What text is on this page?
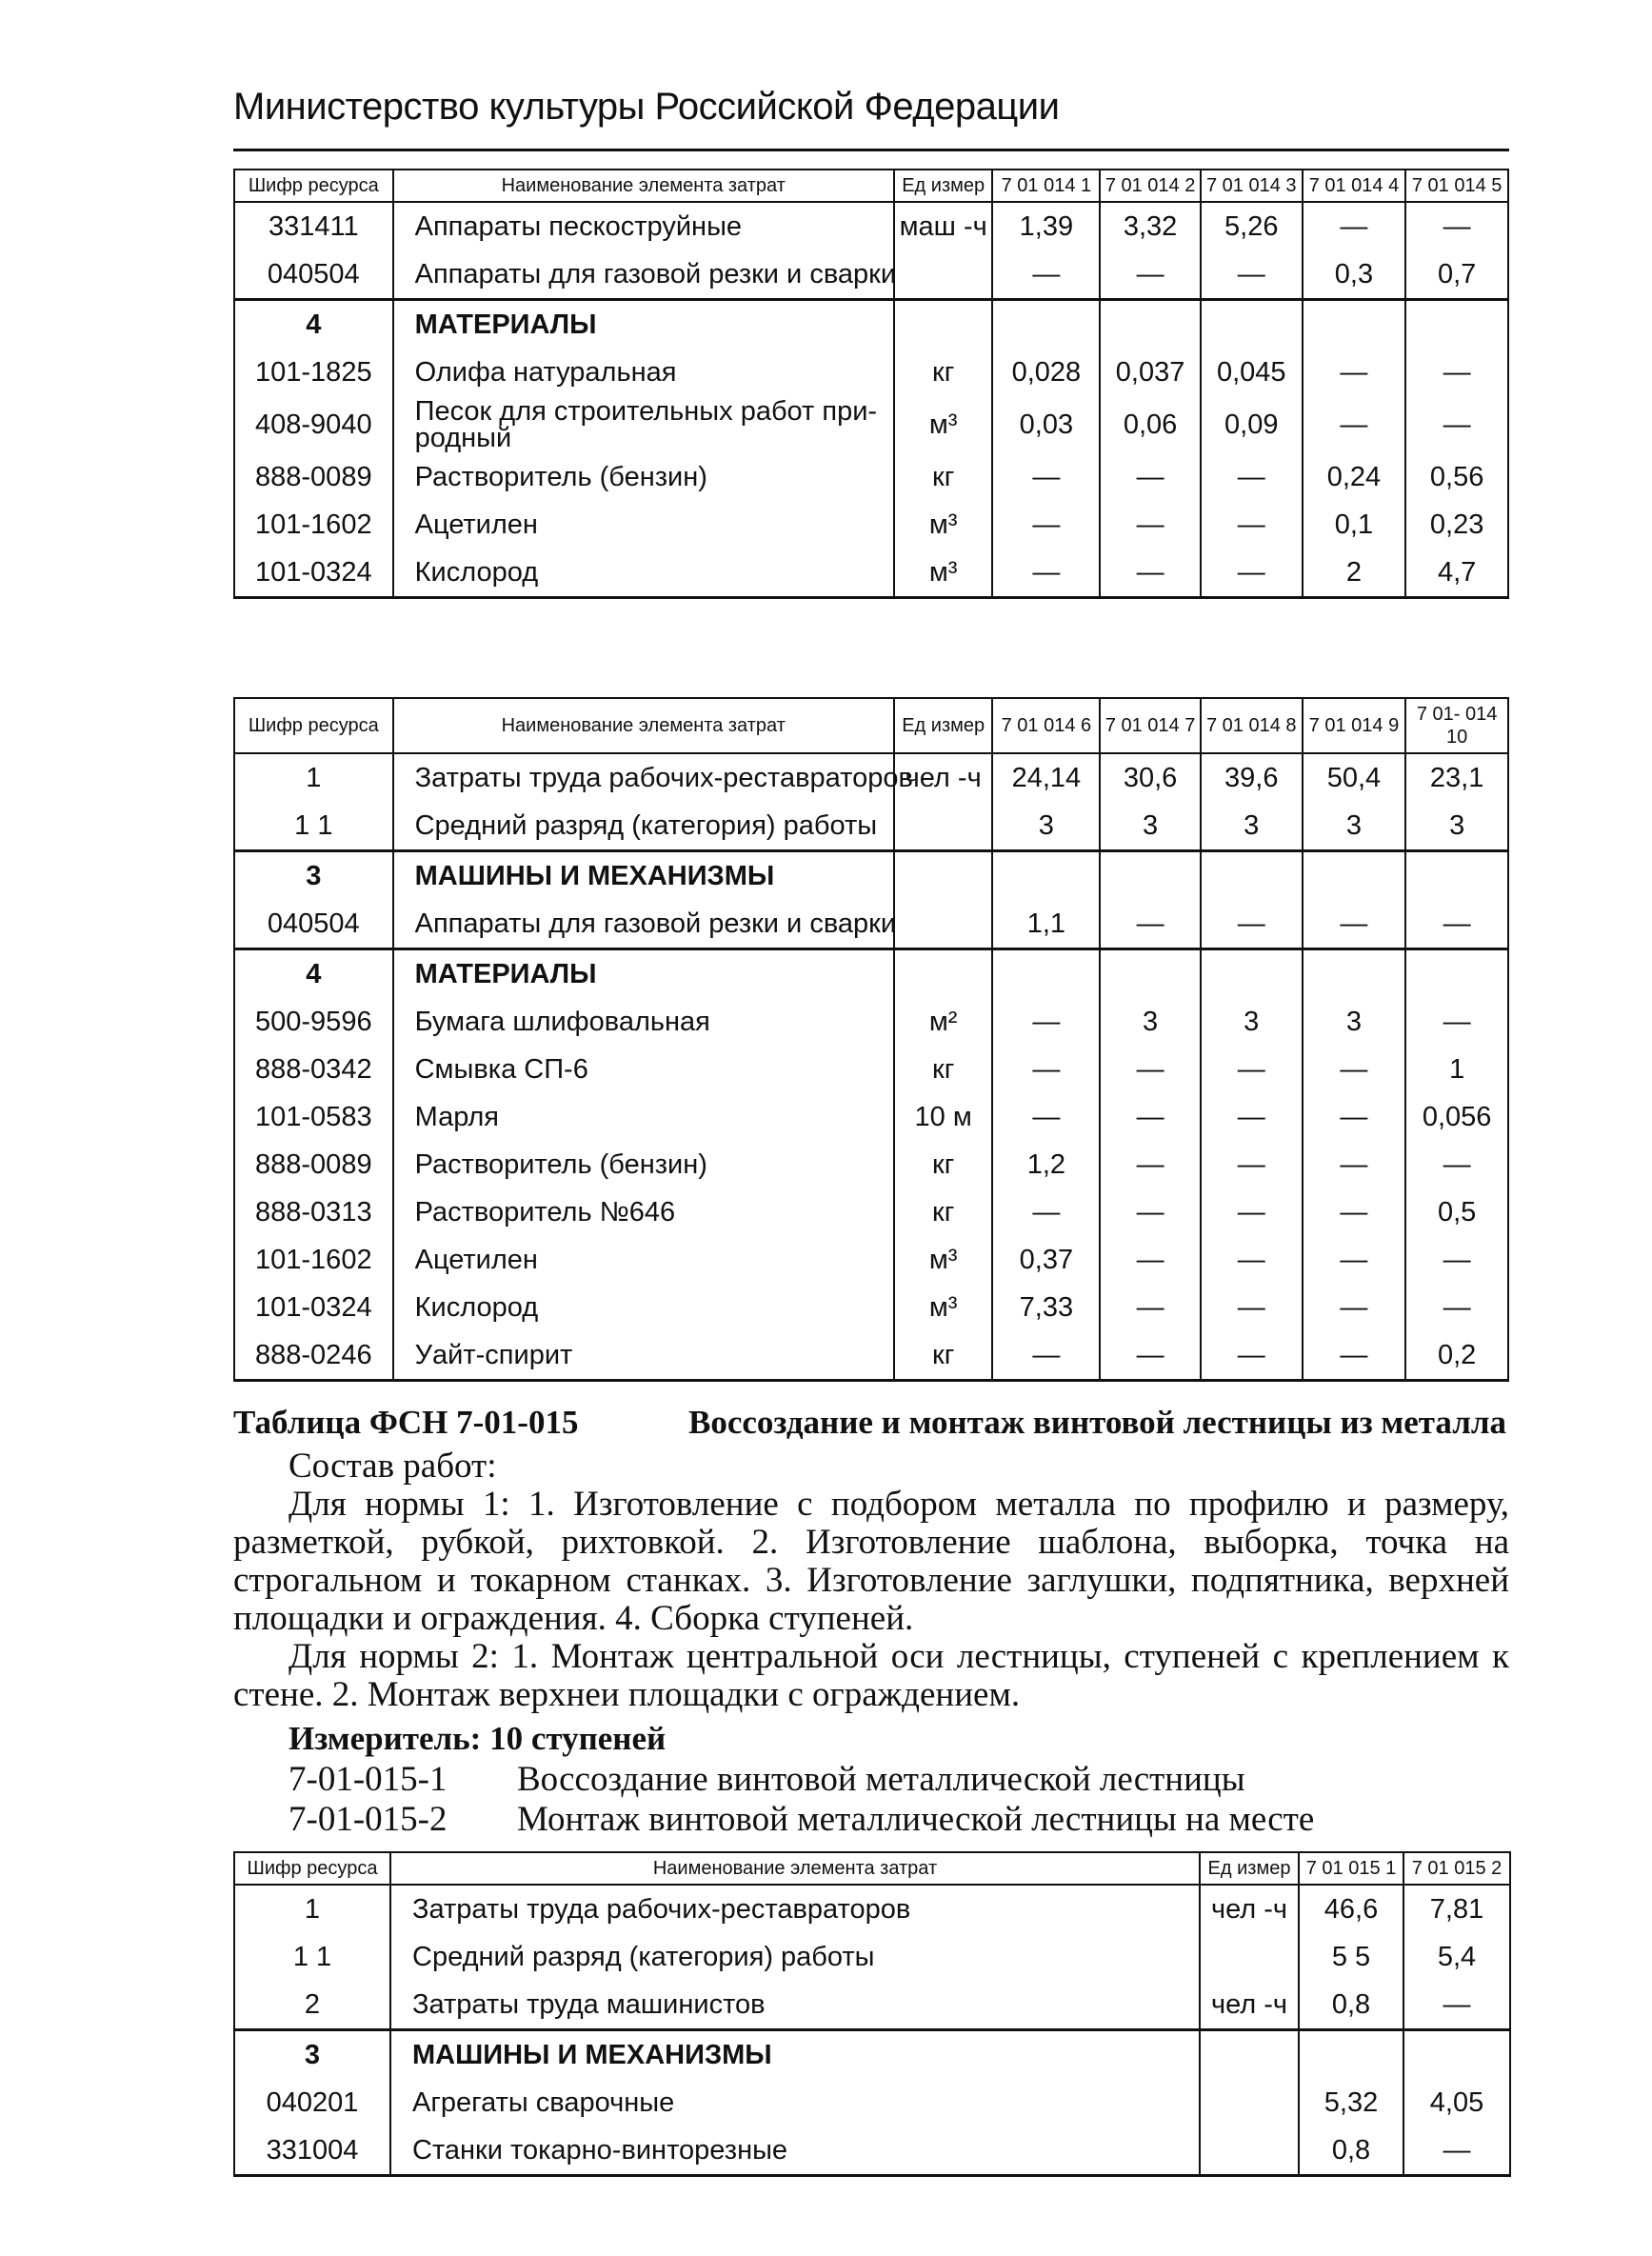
Министерство культуры Российской Федерации
Шифр ресурса	Наименование элемента затрат	Ед измер	7 01 014 1	7 01 014 2	7 01 014 3	7 01 014 4	7 01 014 5
331411	Аппараты пескоструйные	маш -ч	1,39	3,32	5,26	—	—
040504	Аппараты для газовой резки и сварки		—	—	—	0,3	0,7
4	МАТЕРИАЛЫ						
101-1825	Олифа натуральная	кг	0,028	0,037	0,045	—	—
408-9040	Песок для строительных работ при-родный	м³	0,03	0,06	0,09	—	—
888-0089	Растворитель (бензин)	кг	—	—	—	0,24	0,56
101-1602	Ацетилен	м³	—	—	—	0,1	0,23
101-0324	Кислород	м³	—	—	—	2	4,7
Шифр ресурса	Наименование элемента затрат	Ед измер	7 01 014 6	7 01 014 7	7 01 014 8	7 01 014 9	7 01- 014 10
1	Затраты труда рабочих-реставраторов	чел -ч	24,14	30,6	39,6	50,4	23,1
1 1	Средний разряд (категория) работы		3	3	3	3	3
3	МАШИНЫ И МЕХАНИЗМЫ						
040504	Аппараты для газовой резки и сварки		1,1	—	—	—	—
4	МАТЕРИАЛЫ						
500-9596	Бумага шлифовальная	м²	—	3	3	3	—
888-0342	Смывка СП-6	кг	—	—	—	—	1
101-0583	Марля	10 м	—	—	—	—	0,056
888-0089	Растворитель (бензин)	кг	1,2	—	—	—	—
888-0313	Растворитель №646	кг	—	—	—	—	0,5
101-1602	Ацетилен	м³	0,37	—	—	—	—
101-0324	Кислород	м³	7,33	—	—	—	—
888-0246	Уайт-спирит	кг	—	—	—	—	0,2
Таблица ФСН 7-01-015	Воссоздание и монтаж винтовой лестницы из металла

Состав работ:

Для нормы 1: 1. Изготовление с подбором металла по профилю и размеру, разметкой, рубкой, рихтовкой. 2. Изготовление шаблона, выборка, точка на строгальном и токарном станках. 3. Изготовление заглушки, подпятника, верхней площадки и ограждения. 4. Сборка ступеней.

Для нормы 2: 1. Монтаж центральной оси лестницы, ступеней с креплением к стене. 2. Монтаж верхнеи площадки с ограждением.

Измеритель: 10 ступеней
7-01-015-1 Воссоздание винтовой металлической лестницы
7-01-015-2 Монтаж винтовой металлической лестницы на месте
Шифр ресурса	Наименование элемента затрат	Ед измер	7 01 015 1	7 01 015 2
1	Затраты труда рабочих-реставраторов	чел -ч	46,6	7,81
1 1	Средний разряд (категория) работы		5 5	5,4
2	Затраты труда машинистов	чел -ч	0,8	—
3	МАШИНЫ И МЕХАНИЗМЫ			
040201	Агрегаты сварочные		5,32	4,05
331004	Станки токарно-винторезные		0,8	—
